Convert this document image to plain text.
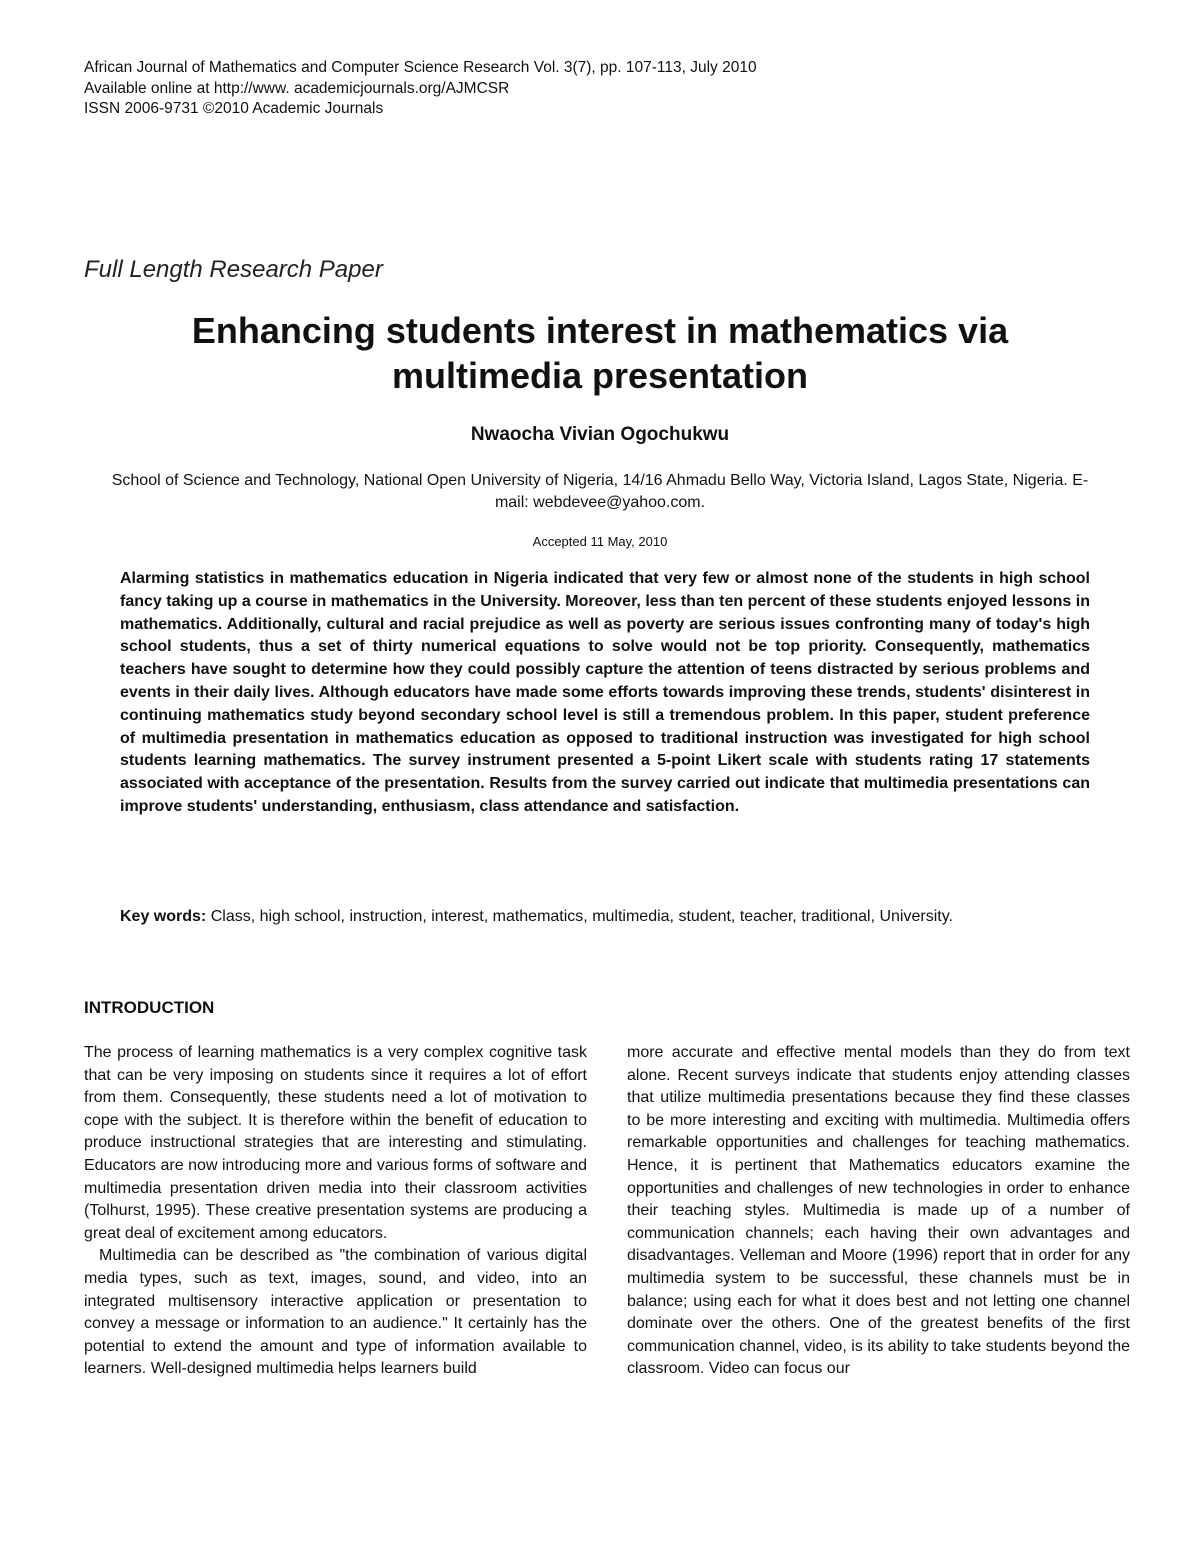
African Journal of Mathematics and Computer Science Research Vol. 3(7), pp. 107-113, July 2010
Available online at http://www. academicjournals.org/AJMCSR
ISSN 2006-9731 ©2010 Academic Journals
Full Length Research Paper
Enhancing students interest in mathematics via multimedia presentation
Nwaocha Vivian Ogochukwu
School of Science and Technology, National Open University of Nigeria, 14/16 Ahmadu Bello Way, Victoria Island, Lagos State, Nigeria. E-mail: webdevee@yahoo.com.
Accepted 11 May, 2010
Alarming statistics in mathematics education in Nigeria indicated that very few or almost none of the students in high school fancy taking up a course in mathematics in the University. Moreover, less than ten percent of these students enjoyed lessons in mathematics. Additionally, cultural and racial prejudice as well as poverty are serious issues confronting many of today's high school students, thus a set of thirty numerical equations to solve would not be top priority. Consequently, mathematics teachers have sought to determine how they could possibly capture the attention of teens distracted by serious problems and events in their daily lives. Although educators have made some efforts towards improving these trends, students' disinterest in continuing mathematics study beyond secondary school level is still a tremendous problem. In this paper, student preference of multimedia presentation in mathematics education as opposed to traditional instruction was investigated for high school students learning mathematics. The survey instrument presented a 5-point Likert scale with students rating 17 statements associated with acceptance of the presentation. Results from the survey carried out indicate that multimedia presentations can improve students' understanding, enthusiasm, class attendance and satisfaction.
Key words: Class, high school, instruction, interest, mathematics, multimedia, student, teacher, traditional, University.
INTRODUCTION

The process of learning mathematics is a very complex cognitive task that can be very imposing on students since it requires a lot of effort from them. Consequently, these students need a lot of motivation to cope with the subject. It is therefore within the benefit of education to produce instructional strategies that are interesting and stimulating. Educators are now introducing more and various forms of software and multimedia presentation driven media into their classroom activities (Tolhurst, 1995). These creative presentation systems are producing a great deal of excitement among educators.

Multimedia can be described as "the combination of various digital media types, such as text, images, sound, and video, into an integrated multisensory interactive application or presentation to convey a message or information to an audience." It certainly has the potential to extend the amount and type of information available to learners. Well-designed multimedia helps learners build

more accurate and effective mental models than they do from text alone. Recent surveys indicate that students enjoy attending classes that utilize multimedia presentations because they find these classes to be more interesting and exciting with multimedia. Multimedia offers remarkable opportunities and challenges for teaching mathematics. Hence, it is pertinent that Mathematics educators examine the opportunities and challenges of new technologies in order to enhance their teaching styles. Multimedia is made up of a number of communication channels; each having their own advantages and disadvantages. Velleman and Moore (1996) report that in order for any multimedia system to be successful, these channels must be in balance; using each for what it does best and not letting one channel dominate over the others. One of the greatest benefits of the first communication channel, video, is its ability to take students beyond the classroom. Video can focus our
